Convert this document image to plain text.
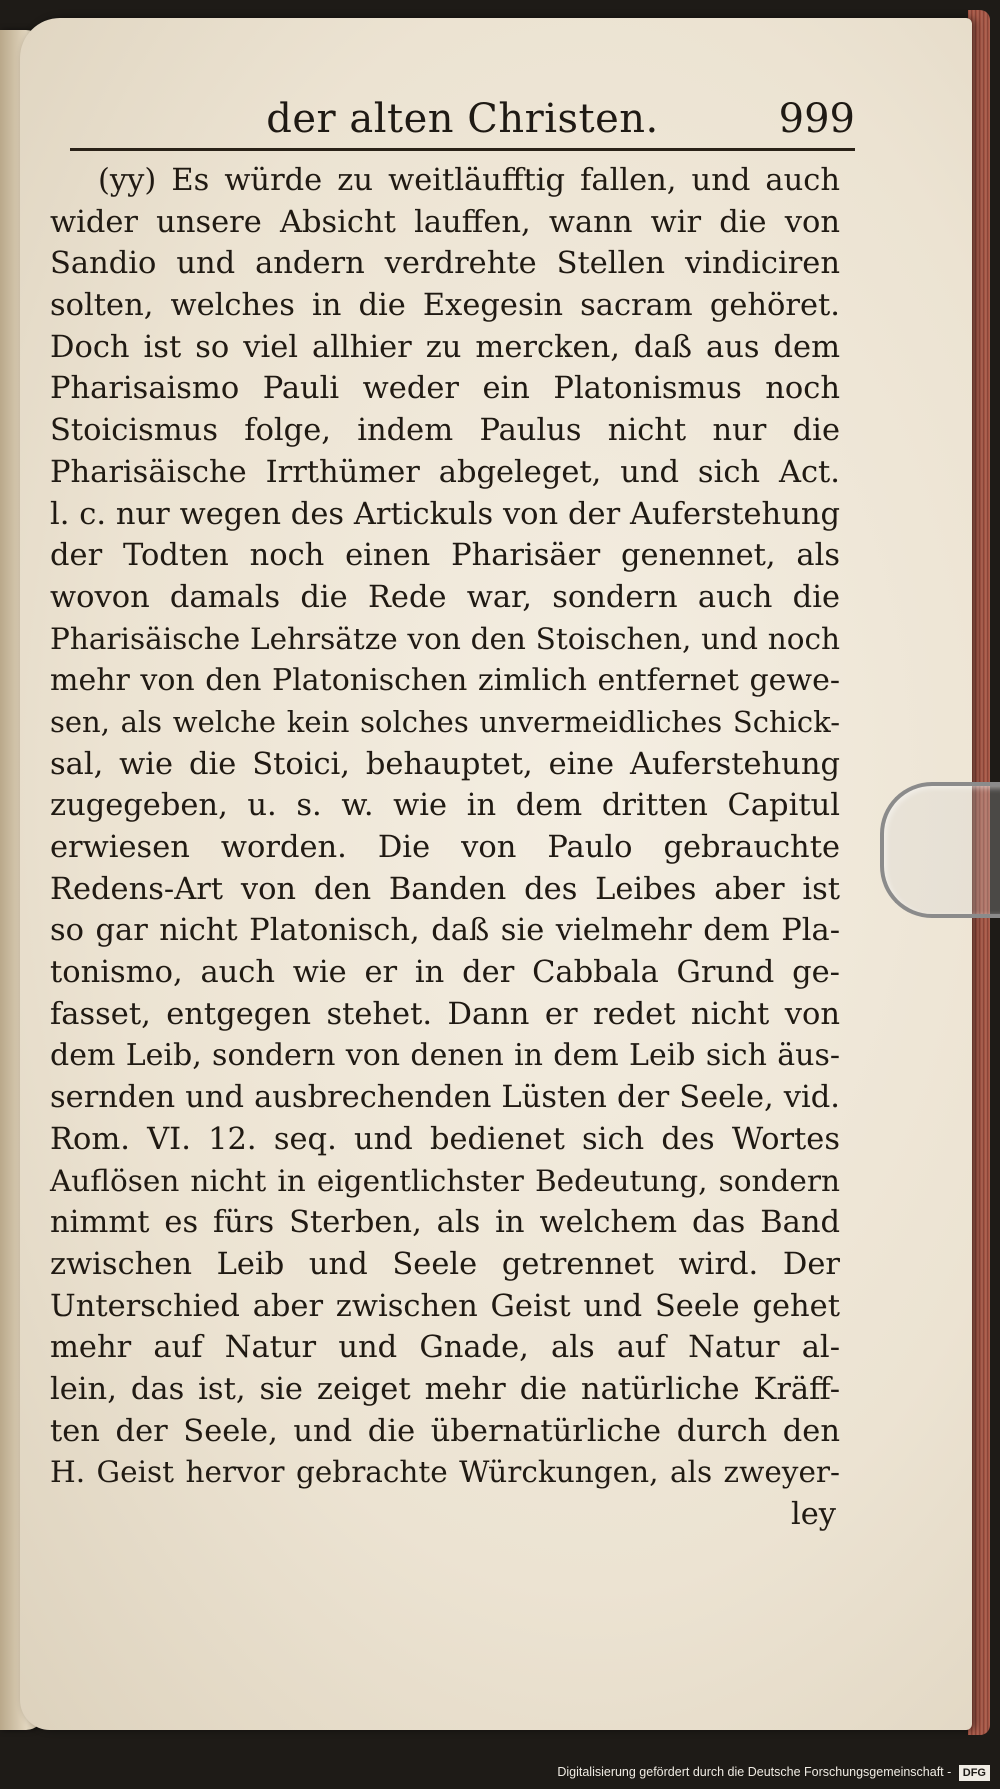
der alten Christen.	999
(yy) Es würde zu weitläufftig fallen, und auch
wider unsere Absicht lauffen, wann wir die von
Sandio und andern verdrehte Stellen vindiciren
solten, welches in die Exegesin sacram gehöret.
Doch ist so viel allhier zu mercken, daß aus dem
Pharisaismo Pauli weder ein Platonismus noch
Stoicismus folge, indem Paulus nicht nur die
Pharisäische Irrthümer abgeleget, und sich Act.
l. c. nur wegen des Artickuls von der Auferstehung
der Todten noch einen Pharisäer genennet, als
wovon damals die Rede war, sondern auch die
Pharisäische Lehrsätze von den Stoischen, und noch
mehr von den Platonischen zimlich entfernet gewe-
sen, als welche kein solches unvermeidliches Schick-
sal, wie die Stoici, behauptet, eine Auferstehung
zugegeben, u. s. w. wie in dem dritten Capitul
erwiesen worden. Die von Paulo gebrauchte
Redens-Art von den Banden des Leibes aber ist
so gar nicht Platonisch, daß sie vielmehr dem Pla-
tonismo, auch wie er in der Cabbala Grund ge-
fasset, entgegen stehet. Dann er redet nicht von
dem Leib, sondern von denen in dem Leib sich äus-
sernden und ausbrechenden Lüsten der Seele, vid.
Rom. VI. 12. seq. und bedienet sich des Wortes
Auflösen nicht in eigentlichster Bedeutung, sondern
nimmt es fürs Sterben, als in welchem das Band
zwischen Leib und Seele getrennet wird. Der
Unterschied aber zwischen Geist und Seele gehet
mehr auf Natur und Gnade, als auf Natur al-
lein, das ist, sie zeiget mehr die natürliche Kräff-
ten der Seele, und die übernatürliche durch den
H. Geist hervor gebrachte Würckungen, als zweyer-
ley
Digitalisierung gefördert durch die Deutsche Forschungsgemeinschaft - DFG
